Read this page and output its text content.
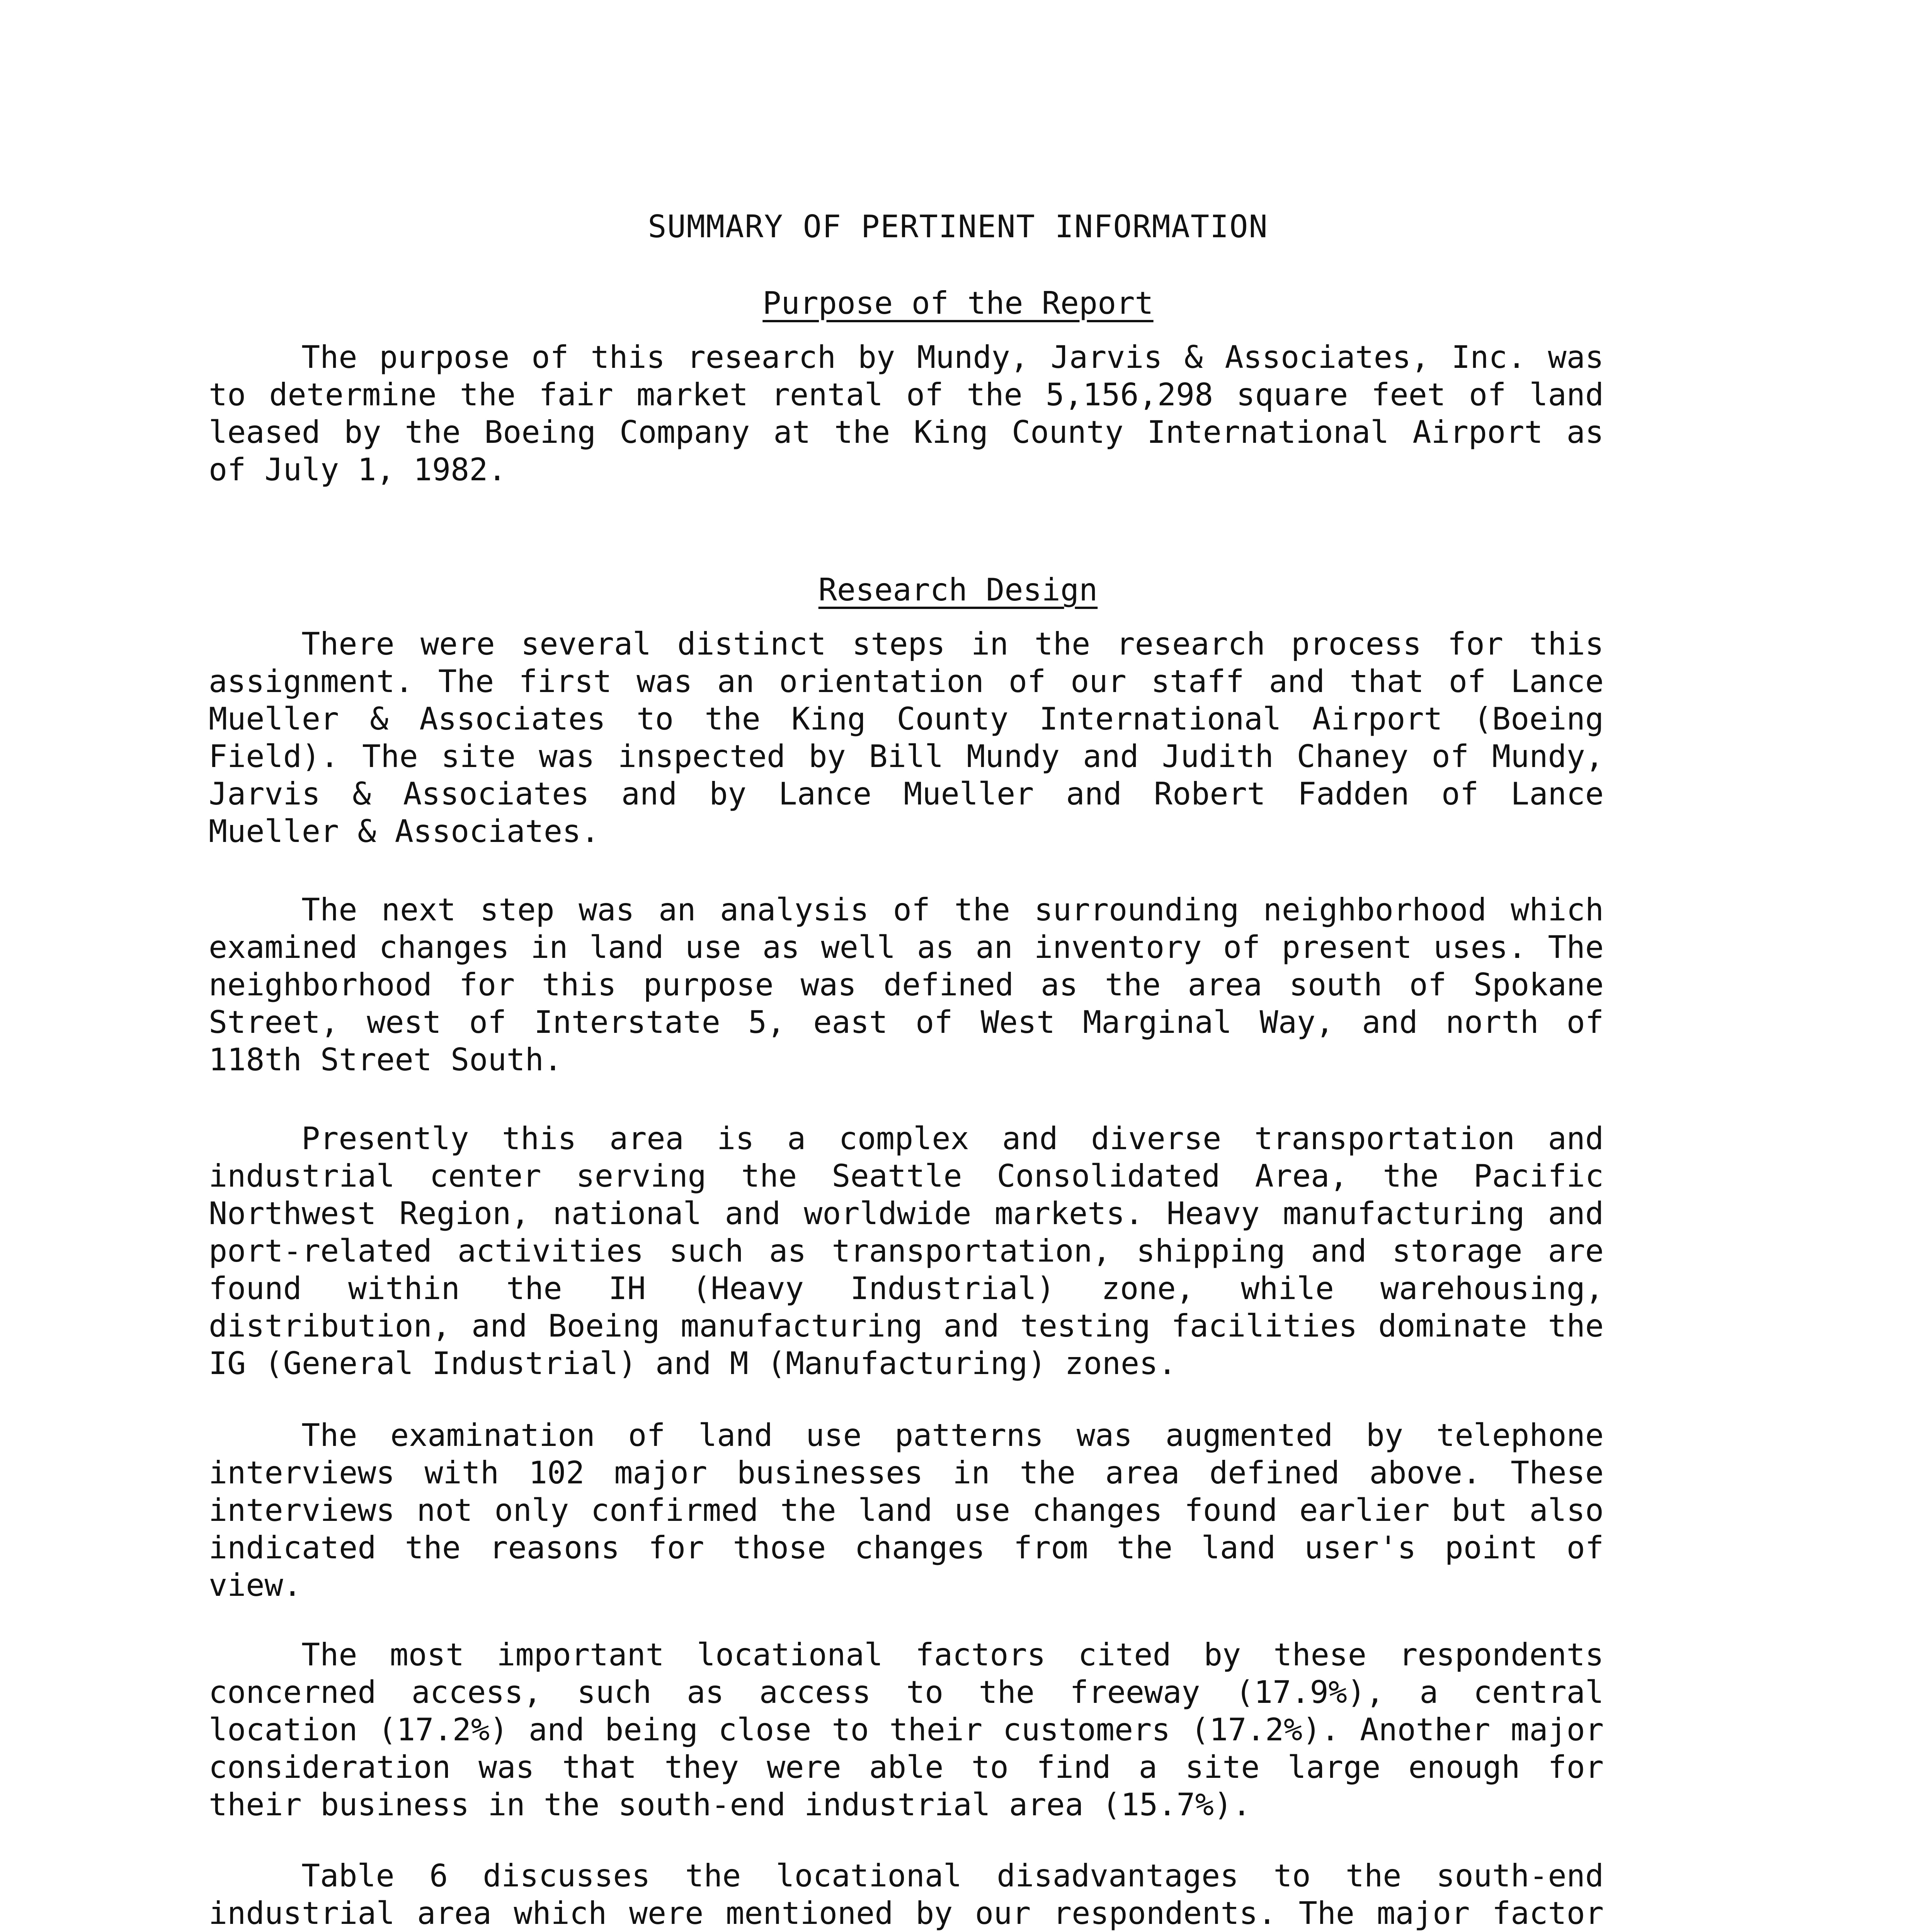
SUMMARY OF PERTINENT INFORMATION
Purpose of the Report

The purpose of this research by Mundy, Jarvis & Associates, Inc. was to determine the fair market rental of the 5,156,298 square feet of land leased by the Boeing Company at the King County International Airport as of July 1, 1982.

Research Design

There were several distinct steps in the research process for this assignment. The first was an orientation of our staff and that of Lance Mueller & Associates to the King County International Airport (Boeing Field). The site was inspected by Bill Mundy and Judith Chaney of Mundy, Jarvis & Associates and by Lance Mueller and Robert Fadden of Lance Mueller & Associates.

The next step was an analysis of the surrounding neighborhood which examined changes in land use as well as an inventory of present uses. The neighborhood for this purpose was defined as the area south of Spokane Street, west of Interstate 5, east of West Marginal Way, and north of 118th Street South.

Presently this area is a complex and diverse transportation and industrial center serving the Seattle Consolidated Area, the Pacific Northwest Region, national and worldwide markets. Heavy manufacturing and port-related activities such as transportation, shipping and storage are found within the IH (Heavy Industrial) zone, while warehousing, distribution, and Boeing manufacturing and testing facilities dominate the IG (General Industrial) and M (Manufacturing) zones.

The examination of land use patterns was augmented by telephone interviews with 102 major businesses in the area defined above. These interviews not only confirmed the land use changes found earlier but also indicated the reasons for those changes from the land user's point of view.

The most important locational factors cited by these respondents concerned access, such as access to the freeway (17.9%), a central location (17.2%) and being close to their customers (17.2%). Another major consideration was that they were able to find a site large enough for their business in the south-end industrial area (15.7%).

Table 6 discusses the locational disadvantages to the south-end industrial area which were mentioned by our respondents. The major factor
